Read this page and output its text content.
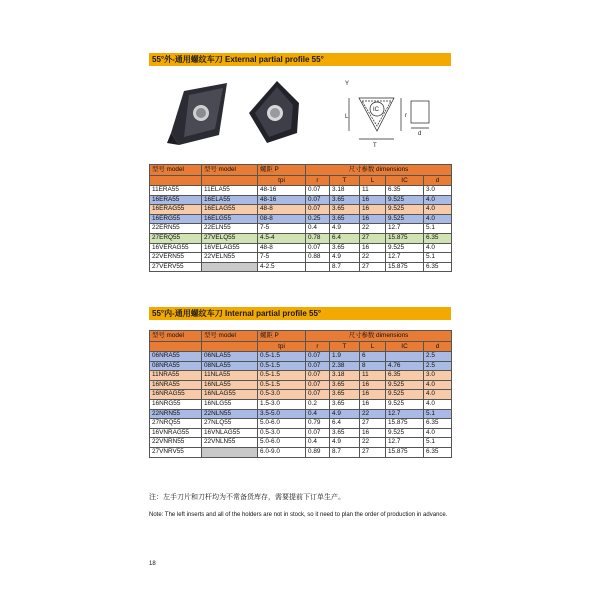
55°外-通用螺纹车刀 External partial profile 55°
Y
L
T
IC
d
r
型号 model	型号 model	螺距 P	尺寸参数 dimensions				
		tpi	r	T	L	IC	d
11ERA55	11ELA55	48-16	0.07	3.18	11	6.35	3.0
16ERA55	16ELA55	48-16	0.07	3.65	16	9.525	4.0
16ERAG55	16ELAG55	48-8	0.07	3.65	16	9.525	4.0
16ERG55	16ELG55	08-8	0.25	3.65	16	9.525	4.0
22ERN55	22ELN55	7-5	0.4	4.9	22	12.7	5.1
27ERQ55	27VELQ55	4.5-4	0.78	6.4	27	15.875	6.35
16VERAG55	16VELAG55	48-8	0.07	3.65	16	9.525	4.0
22VERN55	22VELN55	7-5	0.88	4.9	22	12.7	5.1
27VERV55		4-2.5		8.7	27	15.875	6.35
55°内-通用螺纹车刀 Internal partial profile 55°
型号 model	型号 model	螺距 P	尺寸参数 dimensions				
		tpi	r	T	L	IC	d
06NRA55	06NLA55	0.5-1.5	0.07	1.9	6		2.5
08NRA55	08NLA55	0.5-1.5	0.07	2.38	8	4.76	2.5
11NRA55	11NLA55	0.5-1.5	0.07	3.18	11	6.35	3.0
16NRA55	16NLA55	0.5-1.5	0.07	3.65	16	9.525	4.0
16NRAG55	16NLAG55	0.5-3.0	0.07	3.65	16	9.525	4.0
16NRG55	16NLG55	1.5-3.0	0.2	3.65	16	9.525	4.0
22NRN55	22NLN55	3.5-5.0	0.4	4.9	22	12.7	5.1
27NRQ55	27NLQ55	5.0-6.0	0.79	6.4	27	15.875	6.35
16VNRAG55	16VNLAG55	0.5-3.0	0.07	3.65	16	9.525	4.0
22VNRN55	22VNLN55	5.0-6.0	0.4	4.9	22	12.7	5.1
27VNRV55		6.0-9.0	0.89	8.7	27	15.875	6.35
注：左手刀片和刀杆均为不常备货库存，需要提前下订单生产。
Note: The left inserts and all of the holders are not in stock, so it need to plan the order of production in advance.
18
